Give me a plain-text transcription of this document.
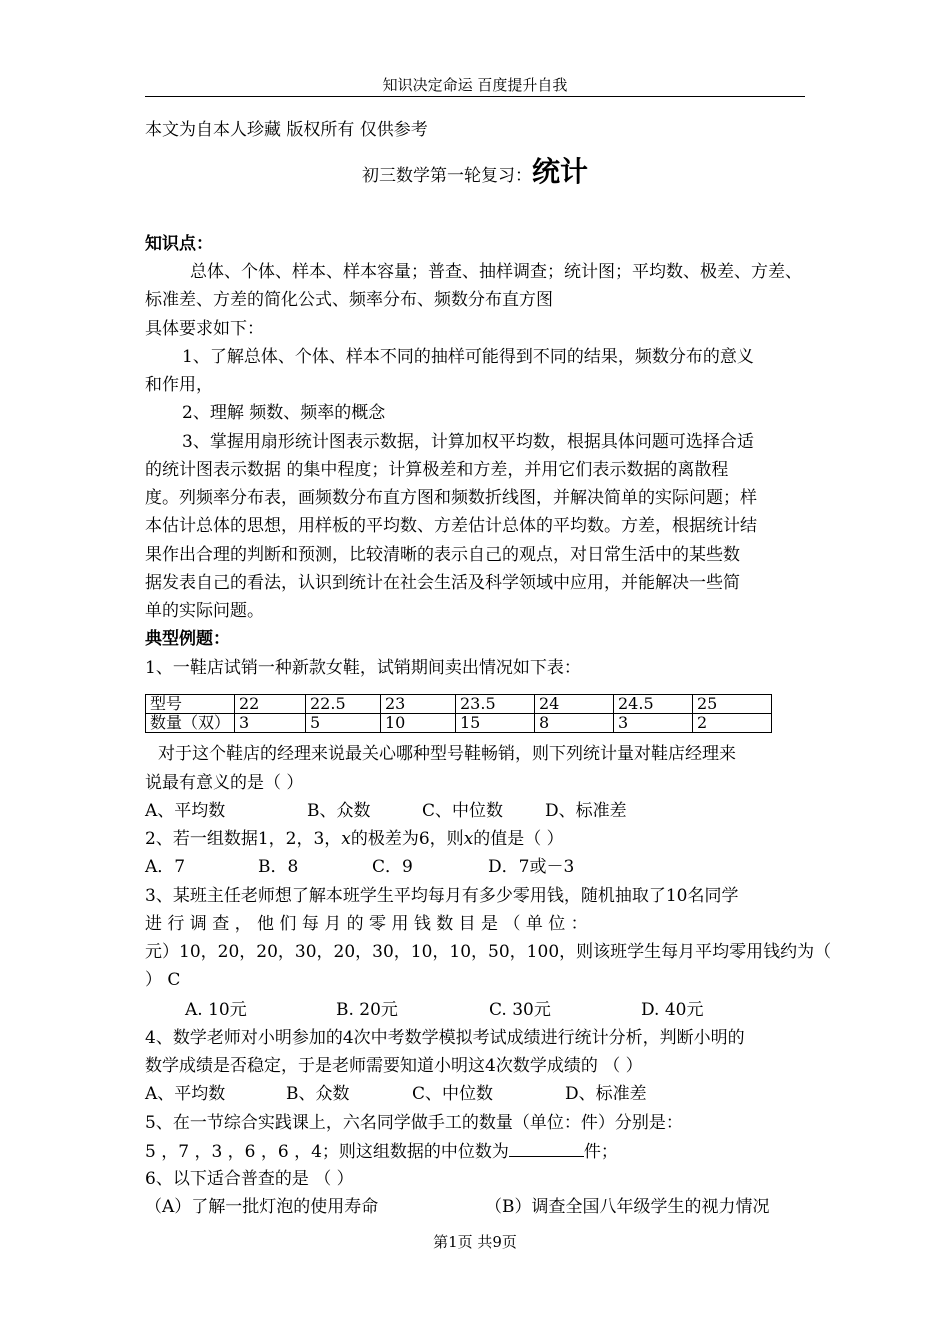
知识决定命运 百度提升自我
本文为自本人珍藏 版权所有 仅供参考
初三数学第一轮复习：统计
知识点：
总体、个体、样本、样本容量；普查、抽样调查；统计图；平均数、极差、方差、
标准差、方差的简化公式、频率分布、频数分布直方图
具体要求如下：
1、了解总体、个体、样本不同的抽样可能得到不同的结果，频数分布的意义
和作用，
2、理解 频数、频率的概念
3、掌握用扇形统计图表示数据，计算加权平均数，根据具体问题可选择合适
的统计图表示数据 的集中程度；计算极差和方差，并用它们表示数据的离散程
度。列频率分布表，画频数分布直方图和频数折线图，并解决简单的实际问题；样
本估计总体的思想，用样板的平均数、方差估计总体的平均数。方差，根据统计结
果作出合理的判断和预测，比较清晰的表示自己的观点，对日常生活中的某些数
据发表自己的看法，认识到统计在社会生活及科学领域中应用，并能解决一些简
单的实际问题。
典型例题：
1、一鞋店试销一种新款女鞋，试销期间卖出情况如下表：
型号	22	22.5	23	23.5	24	24.5	25
数量（双）	3	5	10	15	8	3	2
对于这个鞋店的经理来说最关心哪种型号鞋畅销，则下列统计量对鞋店经理来
说最有意义的是（ ）
A、平均数	B、众数	C、中位数 D、标准差
2、若一组数据1，2，3，x的极差为6，则x的值是（ ）
A．7	B．8	C．9	D．7或－3
3、某班主任老师想了解本班学生平均每月有多少零用钱，随机抽取了10名同学
进 行 调 查 ， 他 们 每 月 的 零 用 钱 数 目 是 （ 单 位 ：
元）10，20，20，30，20，30，10，10，50，100，则该班学生每月平均零用钱约为（
） C
A. 10元	B. 20元	C. 30元	D. 40元
4、数学老师对小明参加的4次中考数学模拟考试成绩进行统计分析，判断小明的
数学成绩是否稳定，于是老师需要知道小明这4次数学成绩的 （ ）
A、平均数	B、众数	C、中位数	D、标准差
5、在一节综合实践课上，六名同学做手工的数量（单位：件）分别是：
5 ，7 ，3 ，6 ，6 ，4；则这组数据的中位数为	件；
6、以下适合普查的是 （ ）
（A）了解一批灯泡的使用寿命	（B）调查全国八年级学生的视力情况
第1页 共9页
